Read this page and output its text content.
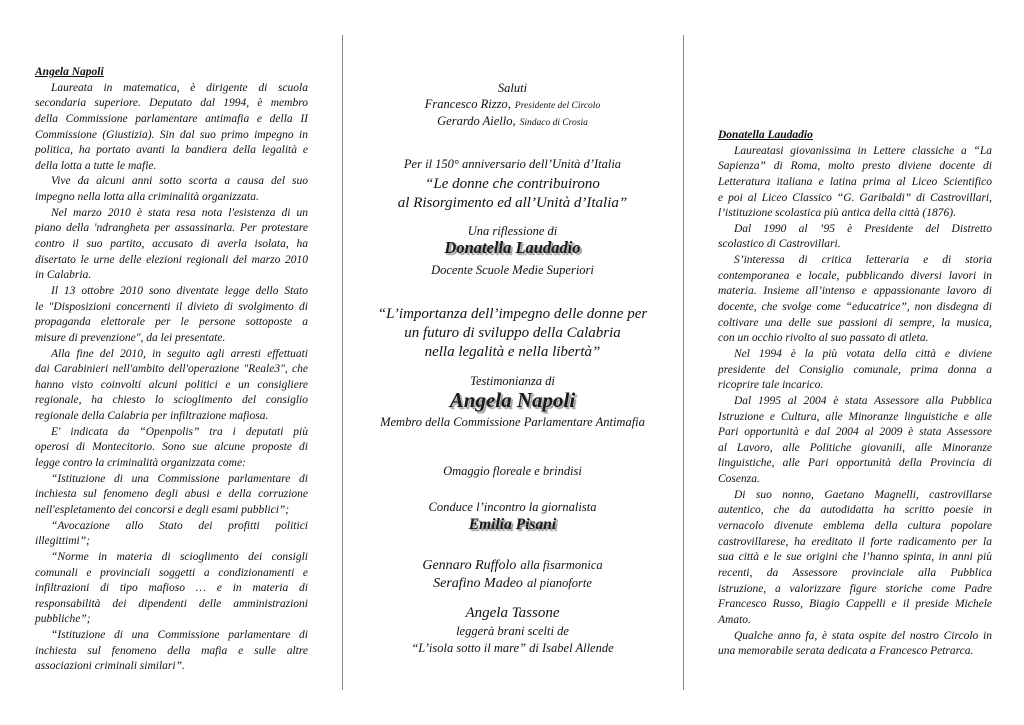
Angela Napoli
Laureata in matematica, è dirigente di scuola
secondaria superiore. Deputato dal 1994, è membro
della Commissione parlamentare antimafia e della II
Commissione (Giustizia). Sin dal suo primo impegno in
politica, ha portato avanti la bandiera della legalità e
della lotta a tutte le mafie.
Vive da alcuni anni sotto scorta a causa del suo
impegno nella lotta alla criminalità organizzata.
Nel marzo 2010 è stata resa nota l'esistenza di un
piano della 'ndrangheta per assassinarla. Per protestare
contro il suo partito, accusato di averla isolata, ha
disertato le urne delle elezioni regionali del marzo 2010
in Calabria.
Il 13 ottobre 2010 sono diventate legge dello Stato
le "Disposizioni concernenti il divieto di svolgimento di
propaganda elettorale per le persone sottoposte a
misure di prevenzione", da lei presentate.
Alla fine del 2010, in seguito agli arresti effettuati
dai Carabinieri nell'ambito dell'operazione "Reale3", che
hanno visto coinvolti alcuni politici e un consigliere
regionale, ha chiesto lo scioglimento del consiglio
regionale della Calabria per infiltrazione mafiosa.
E' indicata da “Openpolis” tra i deputati più
operosi di Montecitorio. Sono sue alcune proposte di
legge contro la criminalità organizzata come:
“Istituzione di una Commissione parlamentare di
inchiesta sul fenomeno degli abusi e della corruzione
nell'espletamento dei concorsi e degli esami pubblici”;
“Avocazione allo Stato dei profitti politici
illegittimi”;
“Norme in materia di scioglimento dei consigli
comunali e provinciali soggetti a condizionamenti e
infiltrazioni di tipo mafioso … e in materia di
responsabilità dei dipendenti delle amministrazioni
pubbliche”;
“Istituzione di una Commissione parlamentare di
inchiesta sul fenomeno della mafia e sulle altre
associazioni criminali similari”.
Saluti
Francesco Rizzo, Presidente del Circolo
Gerardo Aiello, Sindaco di Crosia
Per il 150° anniversario dell’Unità d’Italia
“Le donne che contribuirono
al Risorgimento ed all’Unità d’Italia”
Una riflessione di
Donatella Laudadio
Docente Scuole Medie Superiori
“L’importanza dell’impegno delle donne per
un futuro di sviluppo della Calabria
nella legalità e nella libertà”
Testimonianza di
Angela Napoli
Membro della Commissione Parlamentare Antimafia
Omaggio floreale e brindisi
Conduce l’incontro la giornalista
Emilia Pisani
Gennaro Ruffolo alla fisarmonica
Serafino Madeo al pianoforte
Angela Tassone
leggerà brani scelti de
“L’isola sotto il mare” di Isabel Allende
Donatella Laudadio
Laureatasi giovanissima in Lettere classiche a “La
Sapienza” di Roma, molto presto diviene docente di
Letteratura italiana e latina prima al Liceo Scientifico
e poi al Liceo Classico “G. Garibaldi” di Castrovillari,
l’istituzione scolastica più antica della città (1876).
Dal 1990 al ’95 è Presidente del Distretto
scolastico di Castrovillari.
S’interessa di critica letteraria e di storia
contemporanea e locale, pubblicando diversi lavori in
materia. Insieme all’intenso e appassionante lavoro di
docente, che svolge come “educatrice”, non disdegna di
coltivare una delle sue passioni di sempre, la musica,
con un occhio rivolto al suo passato di atleta.
Nel 1994 è la più votata della città e diviene
presidente del Consiglio comunale, prima donna a
ricoprire tale incarico.
Dal 1995 al 2004 è stata Assessore alla Pubblica
Istruzione e Cultura, alle Minoranze linguistiche e alle
Pari opportunità e dal 2004 al 2009 è stata Assessore
al Lavoro, alle Politiche giovanili, alle Minoranze
linguistiche, alle Pari opportunità della Provincia di
Cosenza.
Di suo nonno, Gaetano Magnelli, castrovillarse
autentico, che da autodidatta ha scritto poesie in
vernacolo divenute emblema della cultura popolare
castrovillarese, ha ereditato il forte radicamento per la
sua città e le sue origini che l’hanno spinta, in anni più
recenti, da Assessore provinciale alla Pubblica
istruzione, a valorizzare figure storiche come Padre
Francesco Russo, Biagio Cappelli e il preside Michele
Amato.
Qualche anno fa, è stata ospite del nostro Circolo in
una memorabile serata dedicata a Francesco Petrarca.
